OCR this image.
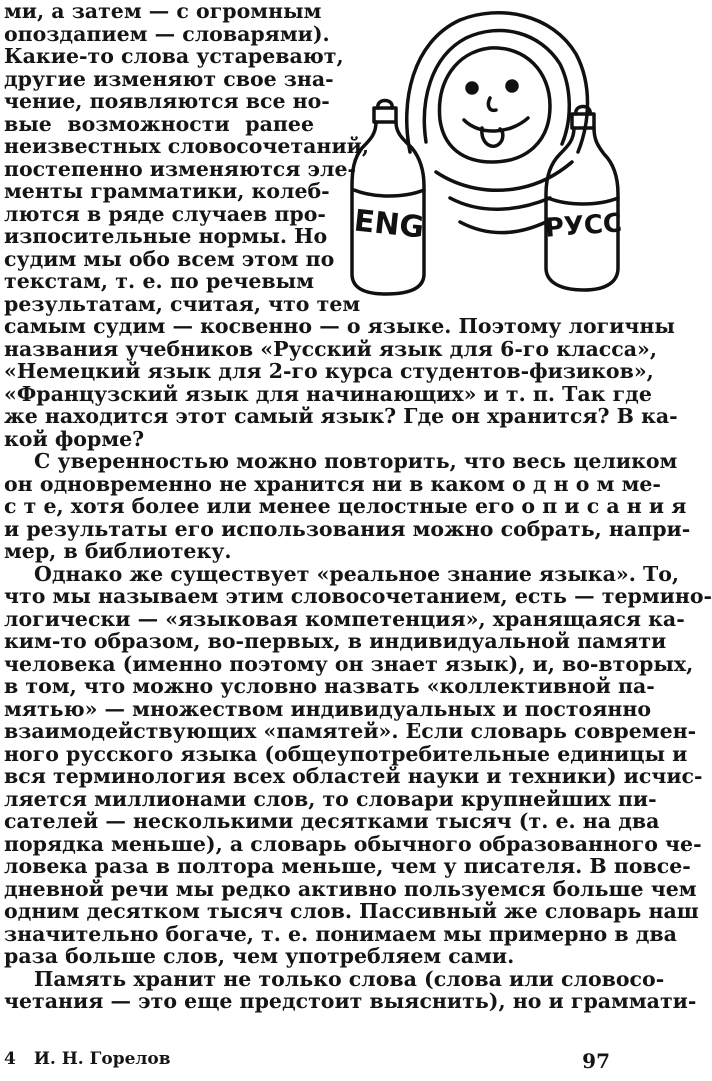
ми, а затем — с огромным
опоздапием — словарями).
Какие-то слова устаревают,
другие изменяют свое зна-
чение, появляются все но-
вые возможности рапее
неизвестных словосочетаний,
постепенно изменяются эле-
менты грамматики, колеб-
лются в ряде случаев про-
изпосительные нормы. Но
судим мы обо всем этом по
текстам, т. е. по речевым
результатам, считая, что тем
самым судим — косвенно — о языке. Поэтому логичны
названия учебников «Русский язык для 6-го класса»,
«Немецкий язык для 2-го курса студентов-физиков»,
«Французский язык для начинающих» и т. п. Так где
же находится этот самый язык? Где он хранится? В ка-
кой форме?
С уверенностью можно повторить, что весь целиком
он одновременно не хранится ни в каком о д н о м ме-
с т е, хотя более или менее целостные его о п и с а н и я
и результаты его использования можно собрать, напри-
мер, в библиотеку.
Однако же существует «реальное знание языка». То,
что мы называем этим словосочетанием, есть — термино-
логически — «языковая компетенция», хранящаяся ка-
ким-то образом, во-первых, в индивидуальной памяти
человека (именно поэтому он знает язык), и, во-вторых,
в том, что можно условно назвать «коллективной па-
мятью» — множеством индивидуальных и постоянно
взаимодействующих «памятей». Если словарь современ-
ного русского языка (общеупотребительные единицы и
вся терминология всех областей науки и техники) исчис-
ляется миллионами слов, то словари крупнейших пи-
сателей — несколькими десятками тысяч (т. е. на два
порядка меньше), а словарь обычного образованного че-
ловека раза в полтора меньше, чем у писателя. В повсе-
дневной речи мы редко активно пользуемся больше чем
одним десятком тысяч слов. Пассивный же словарь наш
значительно богаче, т. е. понимаем мы примерно в два
раза больше слов, чем употребляем сами.
Память хранит не только слова (слова или словосо-
четания — это еще предстоит выяснить), но и граммати-
ENG	РУСС
4 И. Н. Горелов	97
